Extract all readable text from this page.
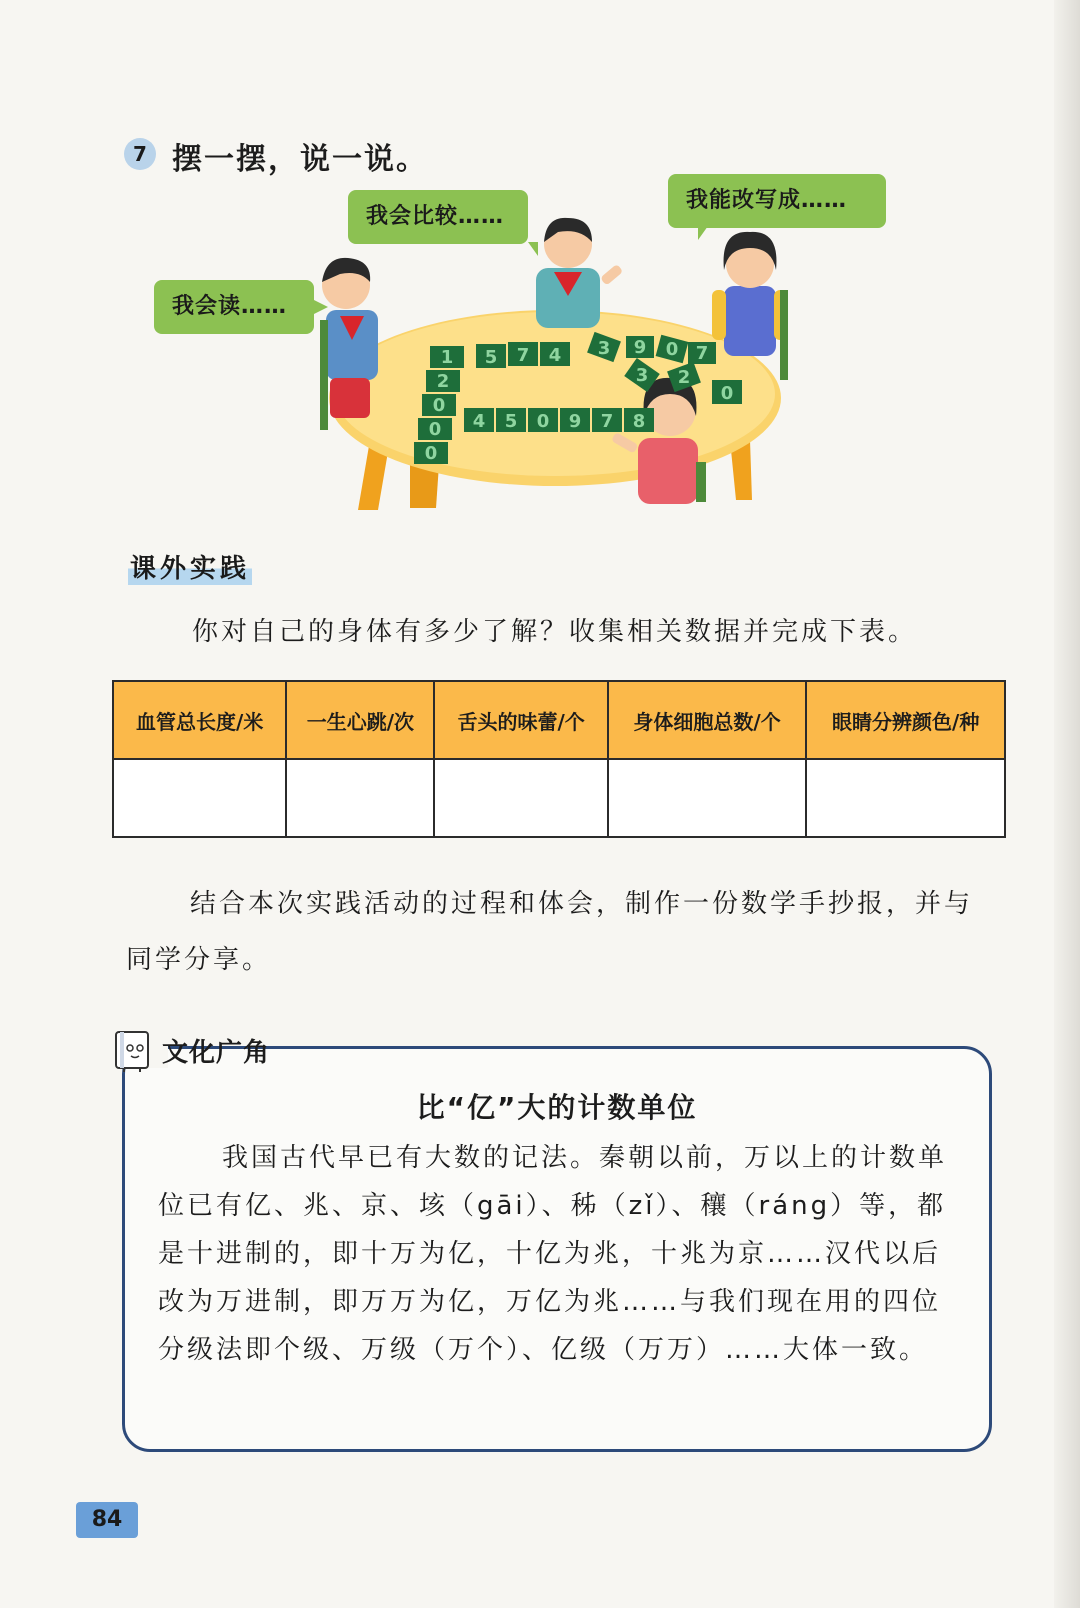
7 摆一摆，说一说。
1
2
0
0
0
5 7 4
4 5 0 9 7 8
3 9 0 7
3 2
0
我会读……
我会比较……
我能改写成……
课外实践
你对自己的身体有多少了解？收集相关数据并完成下表。
血管总长度/米	一生心跳/次	舌头的味蕾/个	身体细胞总数/个	眼睛分辨颜色/种

结合本次实践活动的过程和体会，制作一份数学手抄报，并与同学分享。
文化广角
比“亿”大的计数单位
我国古代早已有大数的记法。秦朝以前，万以上的计数单位已有亿、兆、京、垓（gāi）、秭（zǐ）、穰（ráng）等，都是十进制的，即十万为亿，十亿为兆，十兆为京……汉代以后改为万进制，即万万为亿，万亿为兆……与我们现在用的四位分级法即个级、万级（万个）、亿级（万万）……大体一致。
84
